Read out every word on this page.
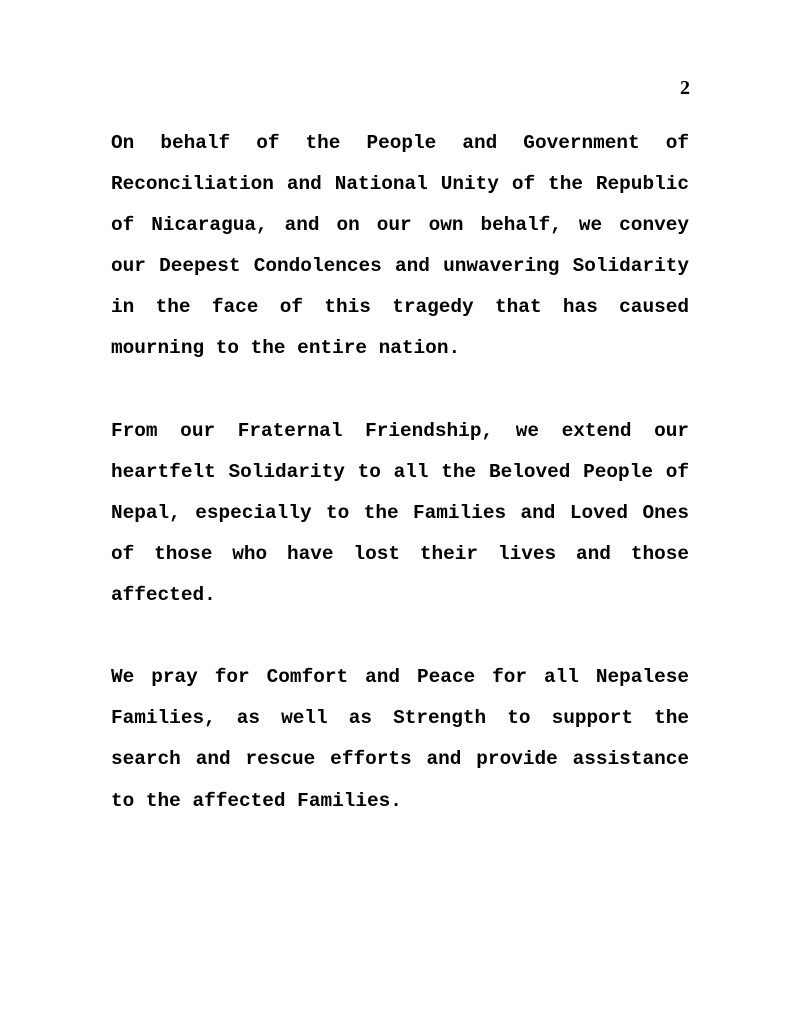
2

On behalf of the People and Government of Reconciliation and National Unity of the Republic of Nicaragua, and on our own behalf, we convey our Deepest Condolences and unwavering Solidarity in the face of this tragedy that has caused mourning to the entire nation.

From our Fraternal Friendship, we extend our heartfelt Solidarity to all the Beloved People of Nepal, especially to the Families and Loved Ones of those who have lost their lives and those affected.

We pray for Comfort and Peace for all Nepalese Families, as well as Strength to support the search and rescue efforts and provide assistance to the affected Families.
